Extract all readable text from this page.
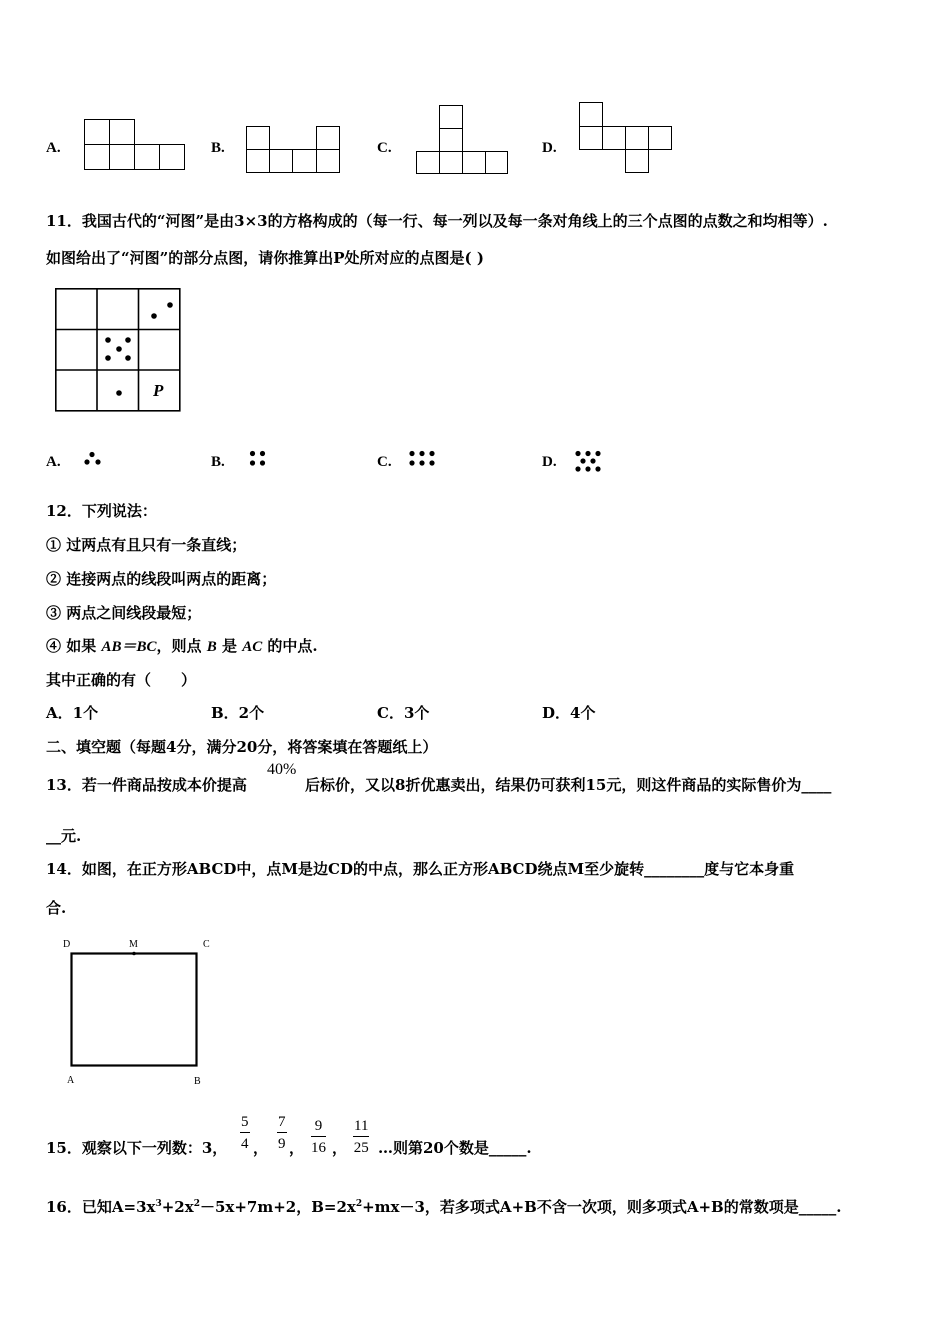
A.	B.	C.	D.
11．我国古代的“河图”是由3×3的方格构成的（每一行、每一列以及每一条对角线上的三个点图的点数之和均相等）.
如图给出了“河图”的部分点图，请你推算出P处所对应的点图是( )
P
A.	B.	C.	D.
12．下列说法：
① 过两点有且只有一条直线；
② 连接两点的线段叫两点的距离；
③ 两点之间线段最短；
④ 如果 AB＝BC，则点 B 是 AC 的中点.
其中正确的有（　　）
A．1个	B．2个	C．3个	D．4个
二、填空题（每题4分，满分20分，将答案填在答题纸上）
13．若一件商品按成本价提高
40%
后标价，又以8折优惠卖出，结果仍可获利15元，则这件商品的实际售价为____
__元.
14．如图，在正方形ABCD中，点M是边CD的中点，那么正方形ABCD绕点M至少旋转________度与它本身重
合.
D	M	C
A	B
15．观察以下一列数：3， $\frac{5}{4}$ ， $\frac{7}{9}$ ， $\frac{9}{16}$ ， $\frac{11}{25}$ …则第20个数是_____.
16．已知$A=3x^3+2x^2-5x+7m+2$，$B=2x^2+mx-3$，若多项式A+B不含一次项，则多项式A+B的常数项是_____.
